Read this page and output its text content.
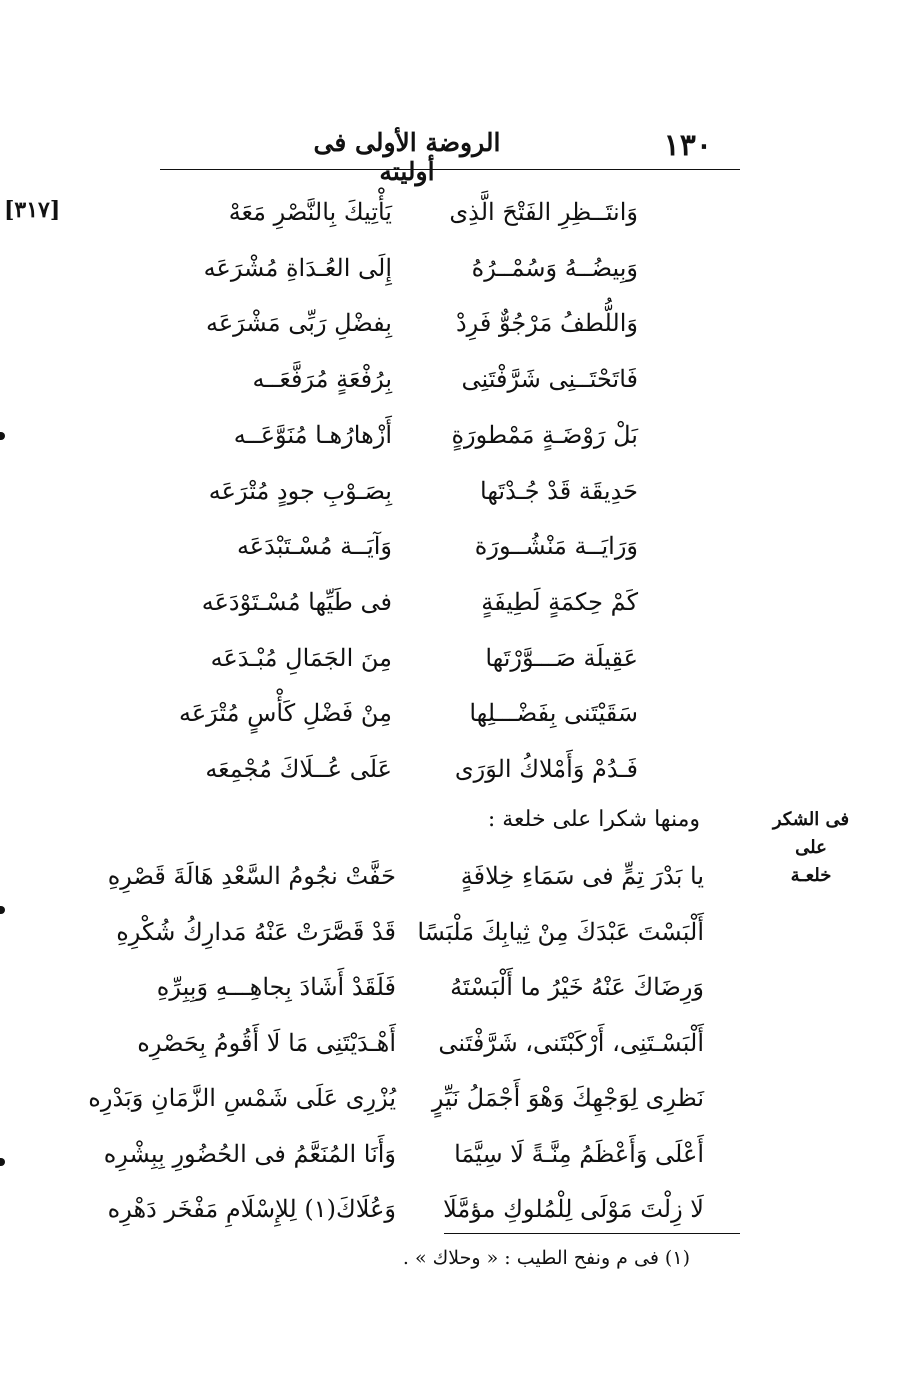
١٣٠
الروضة الأولى فى أوليته
[٣١٧]	وَانتَــظِرِ الفَتْحَ الَّذِى
يَأْتِيكَ بِالنَّصْرِ مَعَهْ
وَبِيضُــهُ وَسُمْــرُهُ
إِلَى العُـدَاةِ مُشْرَعَه
وَاللُّطفُ مَرْجُوٌّ فَرِدْ
بِفضْلِ رَبِّى مَشْرَعَه
فَاتَحْتَــنِى شَرَّفْتَنِى
بِرُفْعَةٍ مُرَفَّعَــه
بَلْ رَوْضَـةٍ مَمْطورَةٍ
أَزْهارُهـا مُنَوَّعَــه
حَدِيقَة قَدْ جُـدْتَها
بِصَـوْبِ جودٍ مُتْرَعَه
وَرَايَــة مَنْشُــورَة
وَآيَــة مُسْـتَبْدَعَه
كَمْ حِكمَةٍ لَطِيفَةٍ
فى طَيِّها مُسْـتَوْدَعَه
عَقِيلَة صَـــوَّرْتَها
مِنَ الجَمَالِ مُبْـدَعَه
سَقَيْتَنى بِفَضْـــلِها
مِنْ فَضْلِ كَأْسٍ مُتْرَعَه
فَـدُمْ وَأَمْلاكُ الوَرَى
عَلَى عُــلَاكَ مُجْمِعَه
ومنها شكرا على خلعة :	فى الشكر على
خلعـة
يا بَدْرَ تِمٍّ فى سَمَاءِ خِلافَةٍ
حَفَّتْ نجُومُ السَّعْدِ هَالَةَ قَصْرِهِ
أَلْبَسْتَ عَبْدَكَ مِنْ ثِيابِكَ مَلْبَسًا
قَدْ قَصَّرَتْ عَنْهُ مَدارِكُ شُكْرِهِ
وَرِضَاكَ عَنْهُ خَيْرُ ما أَلْبَسْتَهُ
فَلَقَدْ أَشَادَ بِجاهِـــهِ وَبِبِرِّهِ
أَلْبَسْـتَنِى، أَرْكَبْتَنى، شَرَّفْتَنى
أَهْـدَيْتَنِى مَا لَا أَقُومُ بِحَصْرِه
نَظرِى لِوَجْهِكَ وَهْوَ أَجْمَلُ نَيِّرٍ
يُزْرِى عَلَى شَمْسِ الزَّمَانِ وَبَدْرِه
أَعْلَى وَأَعْظَمُ مِنَّـةً لَا سِيَّمَا
وَأَنَا المُنَعَّمُ فى الحُضُورِ بِبِشْرِه
لَا زِلْتَ مَوْلَى لِلْمُلوكِ مؤمَّلَا
وَعُلَاكَ(١) لِلإِسْلَامِ مَفْخَر دَهْرِه
(١) فى م ونفح الطيب : « وحلاك » .
